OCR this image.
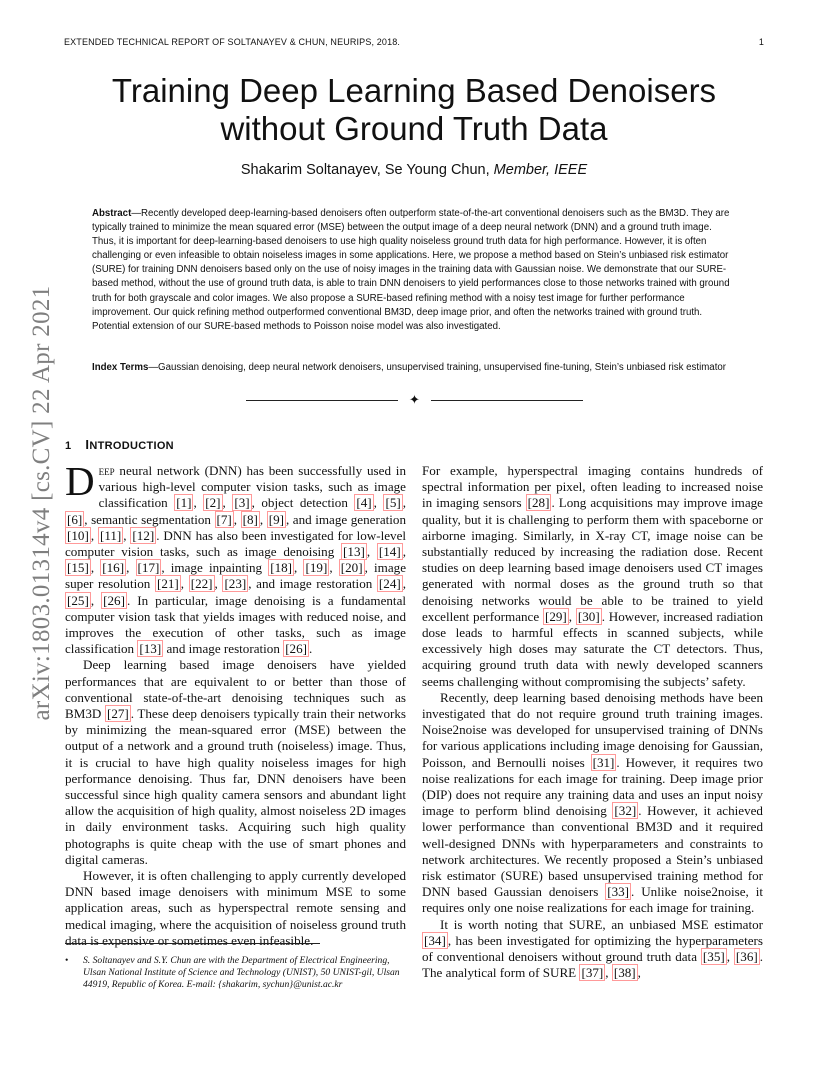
EXTENDED TECHNICAL REPORT OF SOLTANAYEV & CHUN, NEURIPS, 2018.	1
arXiv:1803.01314v4 [cs.CV] 22 Apr 2021
Training Deep Learning Based Denoisers
without Ground Truth Data
Shakarim Soltanayev, Se Young Chun, Member, IEEE
Abstract—Recently developed deep-learning-based denoisers often outperform state-of-the-art conventional denoisers such as the BM3D. They are typically trained to minimize the mean squared error (MSE) between the output image of a deep neural network (DNN) and a ground truth image. Thus, it is important for deep-learning-based denoisers to use high quality noiseless ground truth data for high performance. However, it is often challenging or even infeasible to obtain noiseless images in some applications. Here, we propose a method based on Stein’s unbiased risk estimator (SURE) for training DNN denoisers based only on the use of noisy images in the training data with Gaussian noise. We demonstrate that our SURE-based method, without the use of ground truth data, is able to train DNN denoisers to yield performances close to those networks trained with ground truth for both grayscale and color images. We also propose a SURE-based refining method with a noisy test image for further performance improvement. Our quick refining method outperformed conventional BM3D, deep image prior, and often the networks trained with ground truth. Potential extension of our SURE-based methods to Poisson noise model was also investigated.
Index Terms—Gaussian denoising, deep neural network denoisers, unsupervised training, unsupervised fine-tuning, Stein’s unbiased risk estimator
✦
1 INTRODUCTION

Deep neural network (DNN) has been successfully used in various high-level computer vision tasks, such as image classification [1] , [2] , [3] , object detection [4] , [5] , [6] , semantic segmentation [7] , [8] , [9] , and image generation [10] , [11] , [12] . DNN has also been investigated for low-level computer vision tasks, such as image denoising [13] , [14] , [15] , [16] , [17] , image inpainting [18] , [19] , [20] , image super resolution [21] , [22] , [23] , and image restoration [24] , [25] , [26] . In particular, image denoising is a fundamental computer vision task that yields images with reduced noise, and improves the execution of other tasks, such as image classification [13] and image restoration [26] .

Deep learning based image denoisers have yielded performances that are equivalent to or better than those of conventional state-of-the-art denoising techniques such as BM3D [27] . These deep denoisers typically train their networks by minimizing the mean-squared error (MSE) between the output of a network and a ground truth (noiseless) image. Thus, it is crucial to have high quality noiseless images for high performance denoising. Thus far, DNN denoisers have been successful since high quality camera sensors and abundant light allow the acquisition of high quality, almost noiseless 2D images in daily environment tasks. Acquiring such high quality photographs is quite cheap with the use of smart phones and digital cameras.

However, it is often challenging to apply currently developed DNN based image denoisers with minimum MSE to some application areas, such as hyperspectral remote sensing and medical imaging, where the acquisition of noiseless ground truth data is expensive or sometimes even infeasible.

• S. Soltanayev and S.Y. Chun are with the Department of Electrical Engineering, Ulsan National Institute of Science and Technology (UNIST), 50 UNIST-gil, Ulsan 44919, Republic of Korea. E-mail: {shakarim, sychun}@unist.ac.kr

For example, hyperspectral imaging contains hundreds of spectral information per pixel, often leading to increased noise in imaging sensors [28] . Long acquisitions may improve image quality, but it is challenging to perform them with spaceborne or airborne imaging. Similarly, in X-ray CT, image noise can be substantially reduced by increasing the radiation dose. Recent studies on deep learning based image denoisers used CT images generated with normal doses as the ground truth so that denoising networks would be able to be trained to yield excellent performance [29] , [30] . However, increased radiation dose leads to harmful effects in scanned subjects, while excessively high doses may saturate the CT detectors. Thus, acquiring ground truth data with newly developed scanners seems challenging without compromising the subjects’ safety.

Recently, deep learning based denoising methods have been investigated that do not require ground truth training images. Noise2noise was developed for unsupervised training of DNNs for various applications including image denoising for Gaussian, Poisson, and Bernoulli noises [31] . However, it requires two noise realizations for each image for training. Deep image prior (DIP) does not require any training data and uses an input noisy image to perform blind denoising [32] . However, it achieved lower performance than conventional BM3D and it required well-designed DNNs with hyperparameters and constraints to network architectures. We recently proposed a Stein’s unbiased risk estimator (SURE) based unsupervised training method for DNN based Gaussian denoisers [33] . Unlike noise2noise, it requires only one noise realizations for each image for training.

It is worth noting that SURE, an unbiased MSE estimator [34] , has been investigated for optimizing the hyperparameters of conventional denoisers without ground truth data [35] , [36] . The analytical form of SURE [37] , [38] ,
